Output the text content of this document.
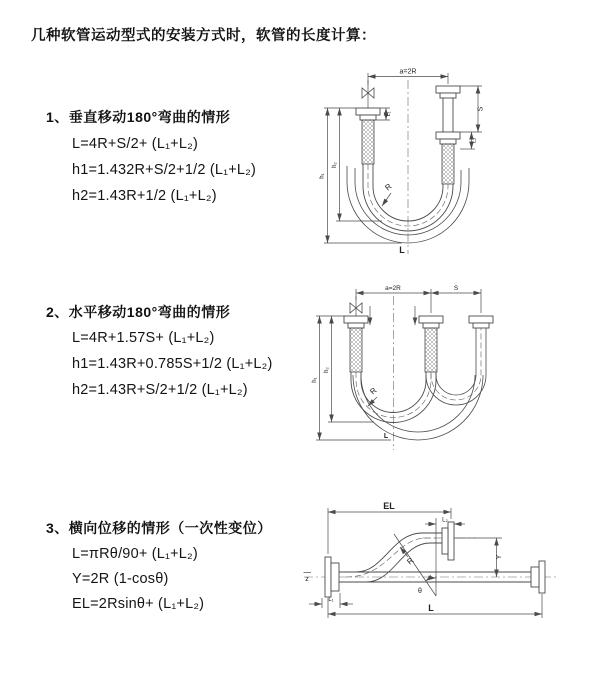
几种软管运动型式的安装方式时，软管的长度计算：
1、垂直移动180°弯曲的情形
L=4R+S/2+ (L₁+L₂)
h1=1.432R+S/2+1/2 (L₁+L₂)
h2=1.43R+1/2 (L₁+L₂)
a=2R
S
L₂
L₁
h₁
h₂
R
L
2、水平移动180°弯曲的情形
L=4R+1.57S+ (L₁+L₂)
h1=1.43R+0.785S+1/2 (L₁+L₂)
h2=1.43R+S/2+1/2 (L₁+L₂)
a=2R	S
h₁
h₂
R
L
3、横向位移的情形（一次性变位）
L=πRθ/90+ (L₁+L₂)
Y=2R (1-cosθ)
EL=2Rsinθ+ (L₁+L₂)
θ
R
EL
L₂
Y
L
L₁
z
